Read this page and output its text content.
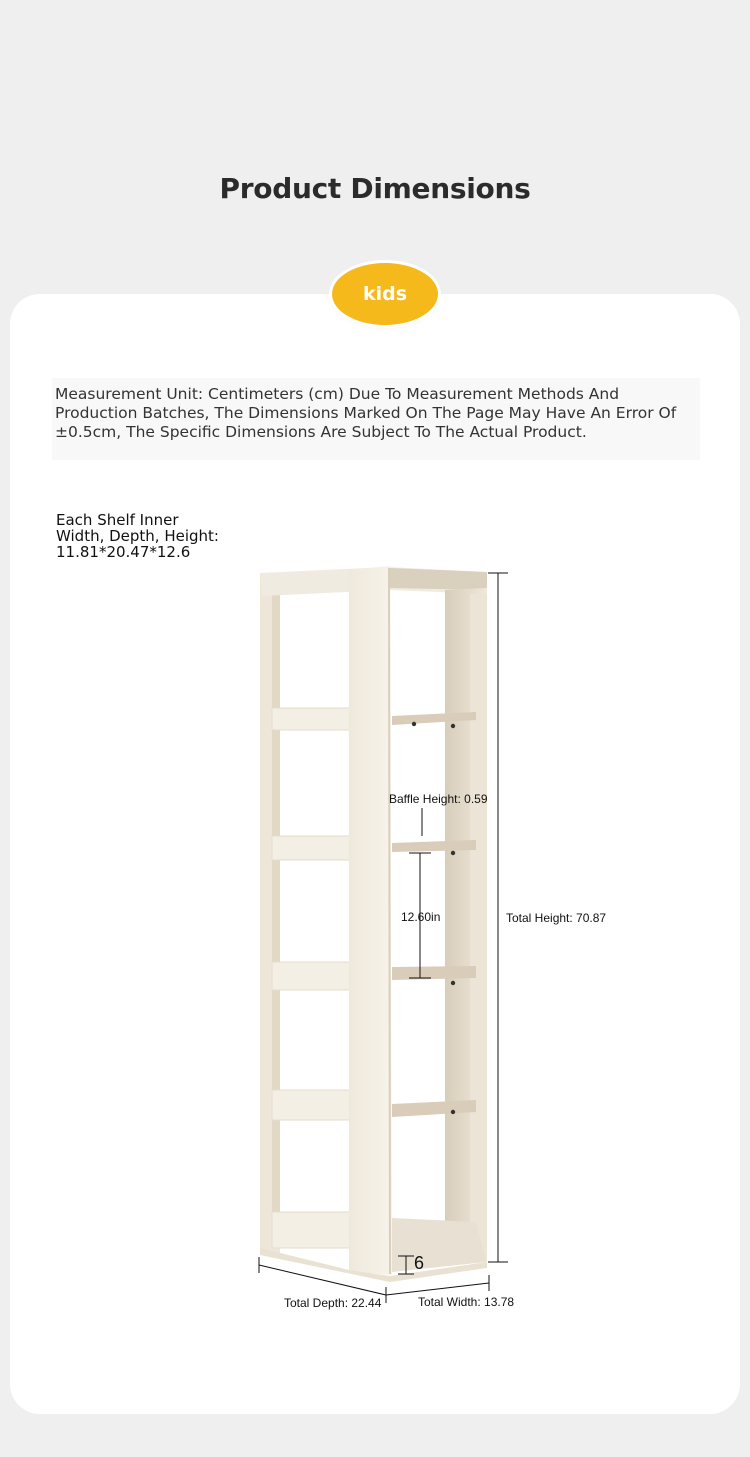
Product Dimensions
kids

Measurement Unit: Centimeters (cm) Due To Measurement Methods And Production Batches, The Dimensions Marked On The Page May Have An Error Of ±0.5cm, The Specific Dimensions Are Subject To The Actual Product.

Each Shelf Inner
Width, Depth, Height:
11.81*20.47*12.6
Baffle Height: 0.59
12.60in	Total Height: 70.87
6
Total Depth: 22.44	Total Width: 13.78
